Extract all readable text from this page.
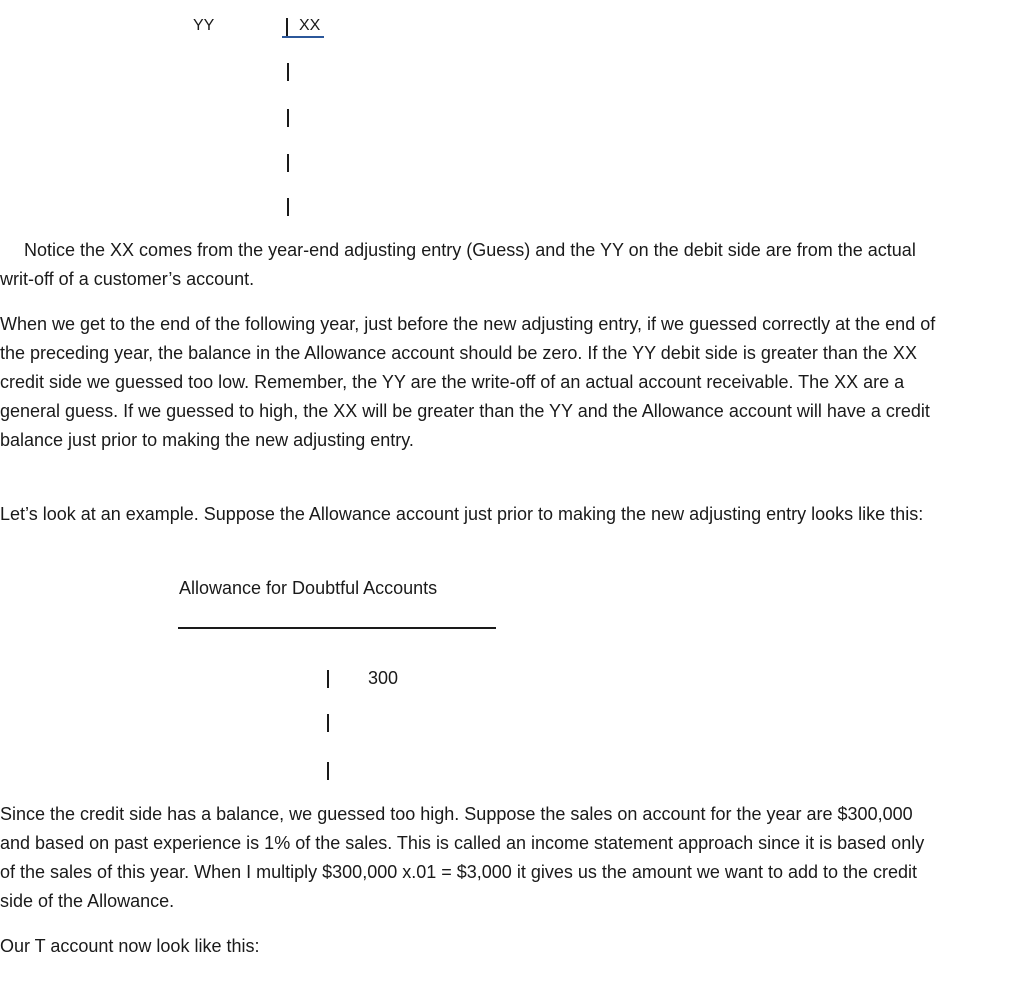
YY	XX

Notice the XX comes from the year-end adjusting entry (Guess) and the YY on the debit side are from the actual writ-off of a customer’s account.

When we get to the end of the following year, just before the new adjusting entry, if we guessed correctly at the end of the preceding year, the balance in the Allowance account should be zero. If the YY debit side is greater than the XX credit side we guessed too low. Remember, the YY are the write-off of an actual account receivable. The XX are a general guess. If we guessed to high, the XX will be greater than the YY and the Allowance account will have a credit balance just prior to making the new adjusting entry.

Let’s look at an example. Suppose the Allowance account just prior to making the new adjusting entry looks like this:

Allowance for Doubtful Accounts
300

Since the credit side has a balance, we guessed too high. Suppose the sales on account for the year are $300,000 and based on past experience is 1% of the sales. This is called an income statement approach since it is based only of the sales of this year. When I multiply $300,000 x.01 = $3,000 it gives us the amount we want to add to the credit side of the Allowance.

Our T account now look like this:
